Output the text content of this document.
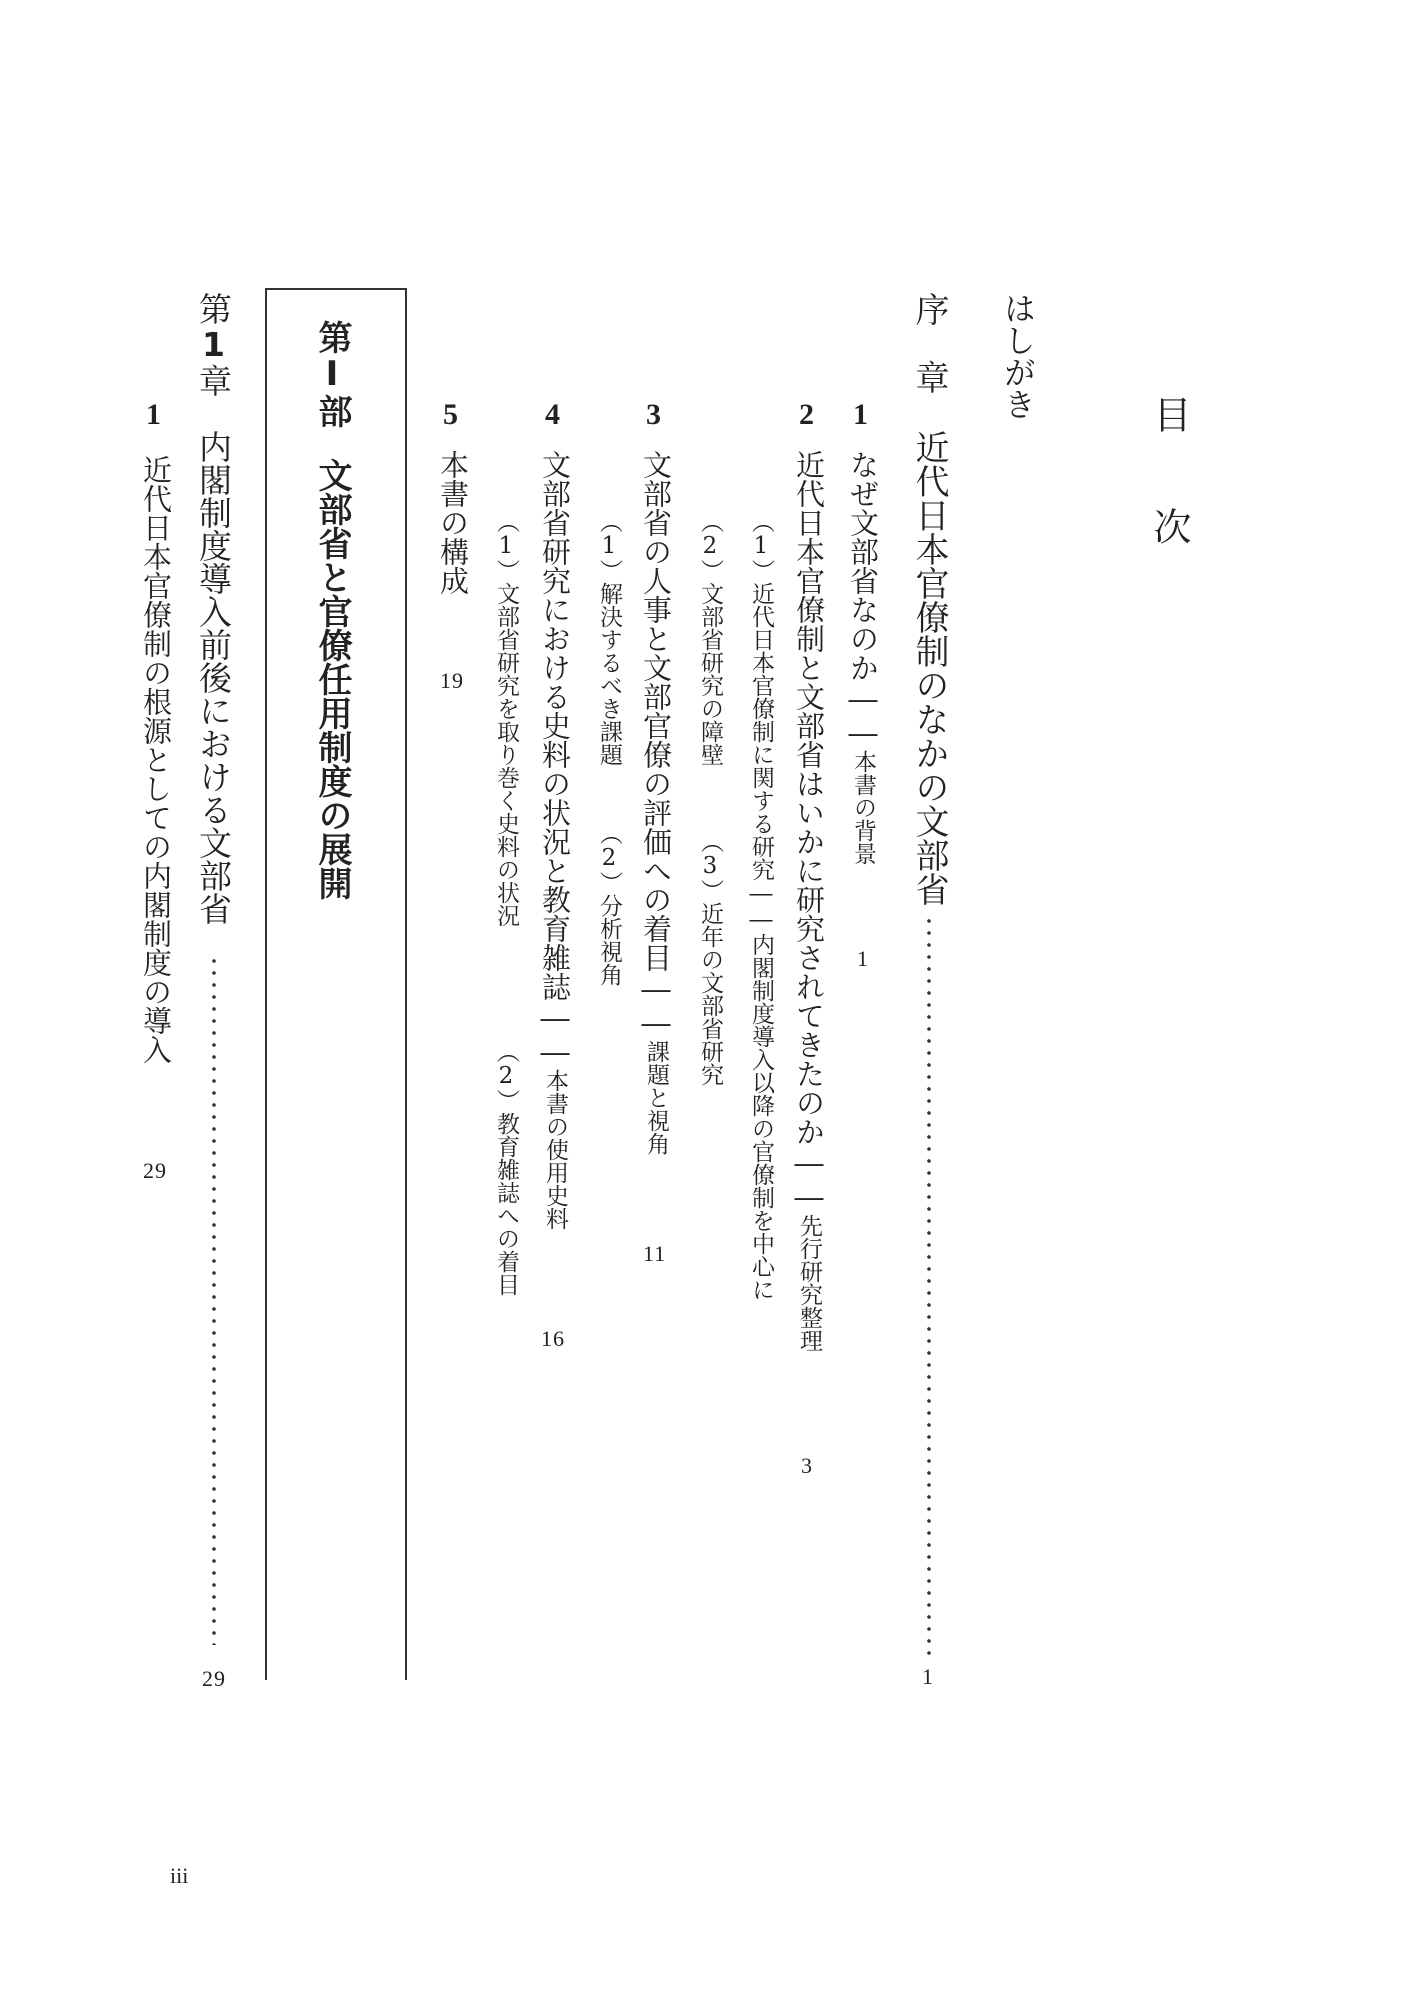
目　次
はしがき
序　章
近代日本官僚制のなかの文部省
1
1
なぜ文部省なのか――本書の背景
1
2
近代日本官僚制と文部省はいかに研究されてきたのか――先行研究整理
3
（1）近代日本官僚制に関する研究――内閣制度導入以降の官僚制を中心に
（2）文部省研究の障壁
（3）近年の文部省研究
3
文部省の人事と文部官僚の評価への着目――課題と視角
11
（1）解決するべき課題
（2）分析視角
4
文部省研究における史料の状況と教育雑誌――本書の使用史料
16
（1）文部省研究を取り巻く史料の状況
（2）教育雑誌への着目
5
本書の構成
19
第Ⅰ部
文部省と官僚任用制度の展開
第1章
内閣制度導入前後における文部省
29
1
近代日本官僚制の根源としての内閣制度の導入
29
iii
